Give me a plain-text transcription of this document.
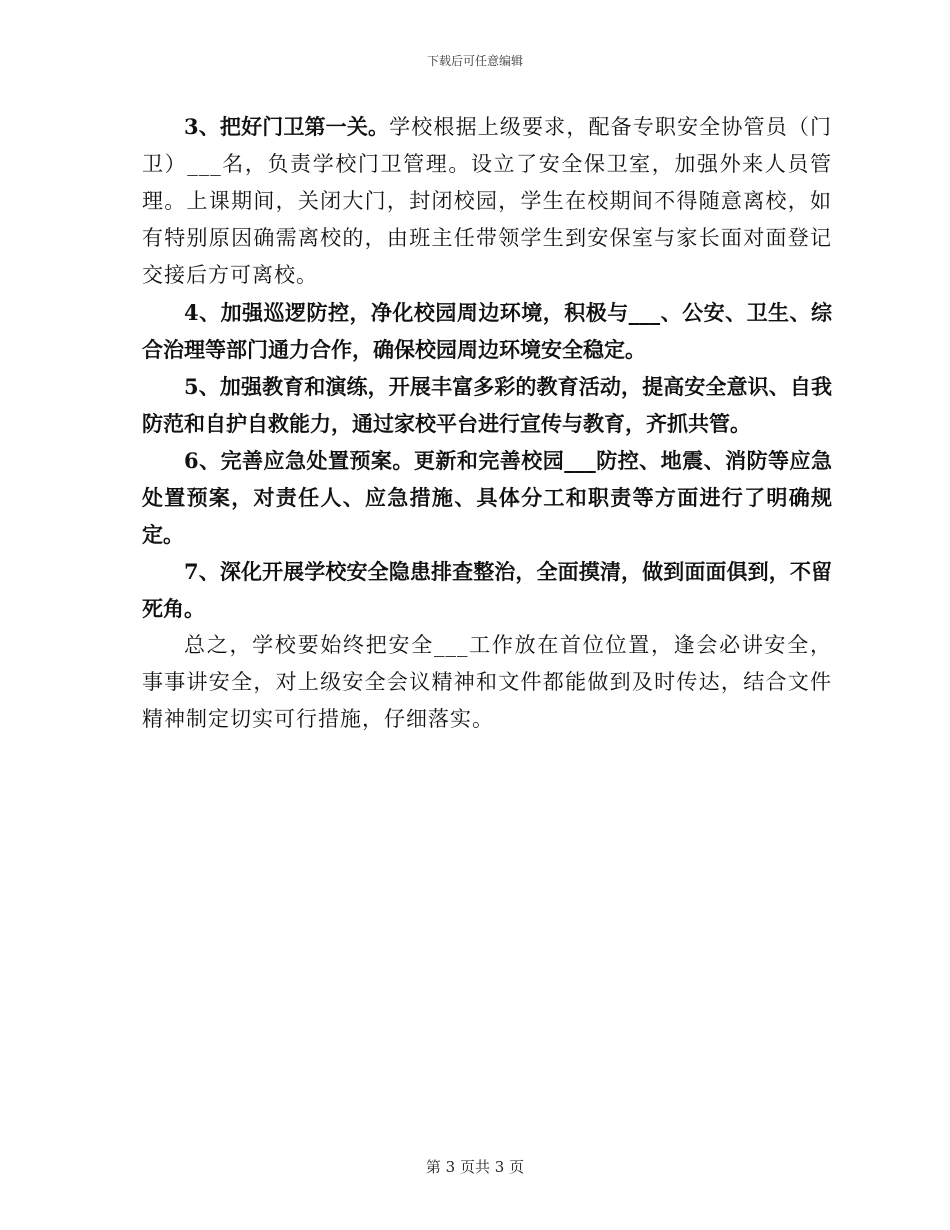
下载后可任意编辑

3、把好门卫第一关。学校根据上级要求，配备专职安全协管员（门卫）___名，负责学校门卫管理。设立了安全保卫室，加强外来人员管理。上课期间，关闭大门，封闭校园，学生在校期间不得随意离校，如有特别原因确需离校的，由班主任带领学生到安保室与家长面对面登记交接后方可离校。

4、加强巡逻防控，净化校园周边环境，积极与___、公安、卫生、综合治理等部门通力合作，确保校园周边环境安全稳定。

5、加强教育和演练，开展丰富多彩的教育活动，提高安全意识、自我防范和自护自救能力，通过家校平台进行宣传与教育，齐抓共管。

6、完善应急处置预案。更新和完善校园___防控、地震、消防等应急处置预案，对责任人、应急措施、具体分工和职责等方面进行了明确规定。

7、深化开展学校安全隐患排查整治，全面摸清，做到面面俱到，不留死角。

总之，学校要始终把安全___工作放在首位位置，逢会必讲安全，事事讲安全，对上级安全会议精神和文件都能做到及时传达，结合文件精神制定切实可行措施，仔细落实。

第 3 页共 3 页
